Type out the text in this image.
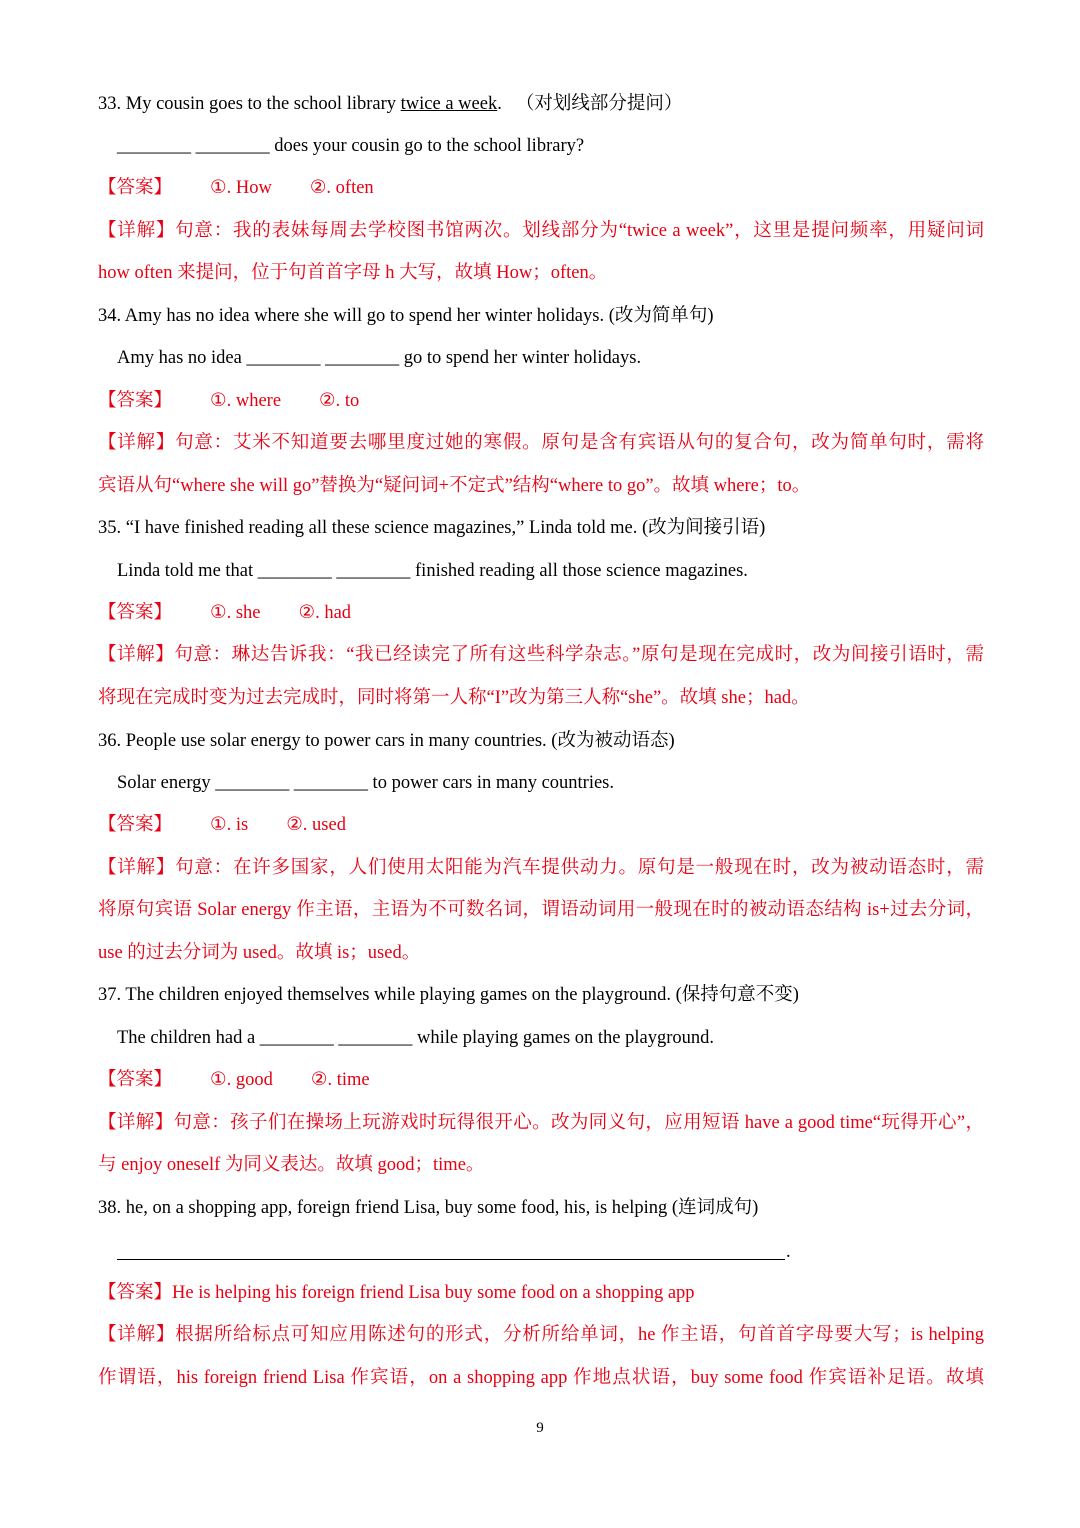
33. My cousin goes to the school library twice a week. （对划线部分提问）
________ ________ does your cousin go to the school library?
【答案】 ①. How ②. often
【详解】句意：我的表妹每周去学校图书馆两次。划线部分为“twice a week”，这里是提问频率，用疑问词
how often 来提问，位于句首首字母 h 大写，故填 How；often。
34. Amy has no idea where she will go to spend her winter holidays. (改为简单句)
Amy has no idea ________ ________ go to spend her winter holidays.
【答案】 ①. where ②. to
【详解】句意：艾米不知道要去哪里度过她的寒假。原句是含有宾语从句的复合句，改为简单句时，需将
宾语从句“where she will go”替换为“疑问词+不定式”结构“where to go”。故填 where；to。
35. “I have finished reading all these science magazines,” Linda told me. (改为间接引语)
Linda told me that ________ ________ finished reading all those science magazines.
【答案】 ①. she ②. had
【详解】句意：琳达告诉我：“我已经读完了所有这些科学杂志。”原句是现在完成时，改为间接引语时，需
将现在完成时变为过去完成时，同时将第一人称“I”改为第三人称“she”。故填 she；had。
36. People use solar energy to power cars in many countries. (改为被动语态)
Solar energy ________ ________ to power cars in many countries.
【答案】 ①. is ②. used
【详解】句意：在许多国家，人们使用太阳能为汽车提供动力。原句是一般现在时，改为被动语态时，需
将原句宾语 Solar energy 作主语，主语为不可数名词，谓语动词用一般现在时的被动语态结构 is+过去分词，
use 的过去分词为 used。故填 is；used。
37. The children enjoyed themselves while playing games on the playground. (保持句意不变)
The children had a ________ ________ while playing games on the playground.
【答案】 ①. good ②. time
【详解】句意：孩子们在操场上玩游戏时玩得很开心。改为同义句，应用短语 have a good time“玩得开心”，
与 enjoy oneself 为同义表达。故填 good；time。
38. he, on a shopping app, foreign friend Lisa, buy some food, his, is helping (连词成句)
.
【答案】He is helping his foreign friend Lisa buy some food on a shopping app
【详解】根据所给标点可知应用陈述句的形式，分析所给单词，he 作主语，句首首字母要大写；is helping
作谓语，his foreign friend Lisa 作宾语，on a shopping app 作地点状语，buy some food 作宾语补足语。故填
9
